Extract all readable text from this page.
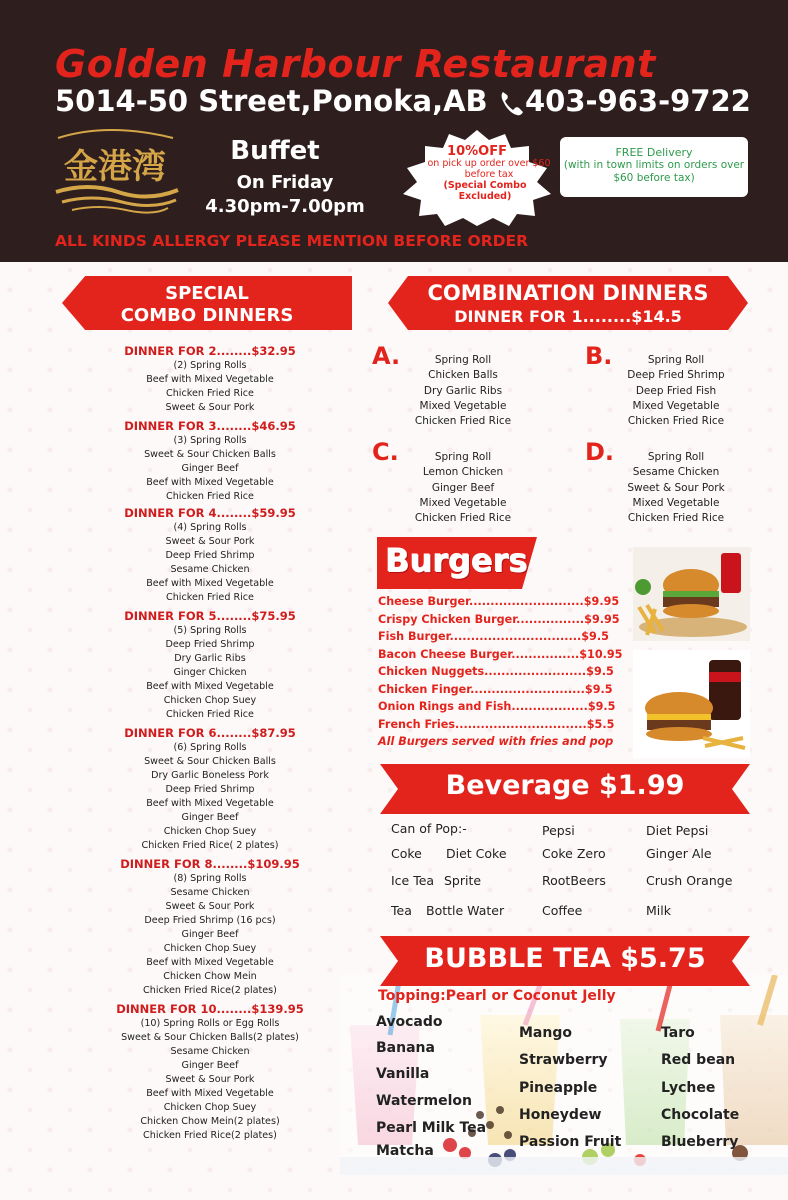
Golden Harbour Restaurant
5014-50 Street,Ponoka,AB 403-963-9722
金港湾	Buffet
On Friday
4.30pm-7.00pm
10%OFF
on pick up order over $60 before tax
(Special Combo Excluded)
FREE Delivery
(with in town limits on orders over $60 before tax)
ALL KINDS ALLERGY PLEASE MENTION BEFORE ORDER
SPECIAL
COMBO DINNERS
COMBINATION DINNERS
DINNER FOR 1........$14.5
DINNER FOR 2........$32.95
(2) Spring Rolls
Beef with Mixed Vegetable
Chicken Fried Rice
Sweet & Sour Pork
DINNER FOR 3........$46.95
(3) Spring Rolls
Sweet & Sour Chicken Balls
Ginger Beef
Beef with Mixed Vegetable
Chicken Fried Rice
DINNER FOR 4........$59.95
(4) Spring Rolls
Sweet & Sour Pork
Deep Fried Shrimp
Sesame Chicken
Beef with Mixed Vegetable
Chicken Fried Rice
DINNER FOR 5........$75.95
(5) Spring Rolls
Deep Fried Shrimp
Dry Garlic Ribs
Ginger Chicken
Beef with Mixed Vegetable
Chicken Chop Suey
Chicken Fried Rice
DINNER FOR 6........$87.95
(6) Spring Rolls
Sweet & Sour Chicken Balls
Dry Garlic Boneless Pork
Deep Fried Shrimp
Beef with Mixed Vegetable
Ginger Beef
Chicken Chop Suey
Chicken Fried Rice( 2 plates)
DINNER FOR 8........$109.95
(8) Spring Rolls
Sesame Chicken
Sweet & Sour Pork
Deep Fried Shrimp (16 pcs)
Ginger Beef
Chicken Chop Suey
Beef with Mixed Vegetable
Chicken Chow Mein
Chicken Fried Rice(2 plates)
DINNER FOR 10........$139.95
(10) Spring Rolls or Egg Rolls
Sweet & Sour Chicken Balls(2 plates)
Sesame Chicken
Ginger Beef
Sweet & Sour Pork
Beef with Mixed Vegetable
Chicken Chop Suey
Chicken Chow Mein(2 plates)
Chicken Fried Rice(2 plates)
A.	Spring Roll
Chicken Balls
Dry Garlic Ribs
Mixed Vegetable
Chicken Fried Rice
B.	Spring Roll
Deep Fried Shrimp
Deep Fried Fish
Mixed Vegetable
Chicken Fried Rice
C.	Spring Roll
Lemon Chicken
Ginger Beef
Mixed Vegetable
Chicken Fried Rice
D.	Spring Roll
Sesame Chicken
Sweet & Sour Pork
Mixed Vegetable
Chicken Fried Rice
Burgers
Cheese Burger...........................$9.95
Crispy Chicken Burger................$9.95
Fish Burger...............................$9.5
Bacon Cheese Burger................$10.95
Chicken Nuggets........................$9.5
Chicken Finger...........................$9.5
Onion Rings and Fish..................$9.5
French Fries...............................$5.5
All Burgers served with fries and pop
Beverage $1.99
Can of Pop:-	Pepsi	Diet Pepsi
Coke Diet Coke	Coke Zero	Ginger Ale
Ice Tea Sprite	RootBeers	Crush Orange
Tea Bottle Water	Coffee	Milk
BUBBLE TEA $5.75
Topping:Pearl or Coconut Jelly
Avocado
Banana
Vanilla
Watermelon
Pearl Milk Tea
Matcha
Mango
Strawberry
Pineapple
Honeydew
Passion Fruit
Taro
Red bean
Lychee
Chocolate
Blueberry
